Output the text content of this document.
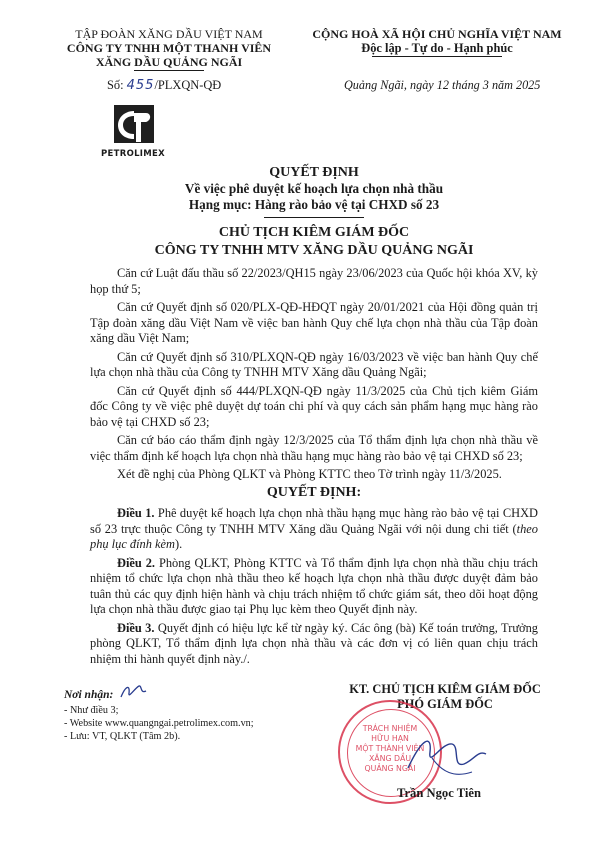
TẬP ĐOÀN XĂNG DẦU VIỆT NAM
CÔNG TY TNHH MỘT THANH VIÊN
XĂNG DẦU QUẢNG NGÃI
Số: 455/PLXQN-QĐ
CỘNG HOÀ XÃ HỘI CHỦ NGHĨA VIỆT NAM
Độc lập - Tự do - Hạnh phúc
Quảng Ngãi, ngày 12 tháng 3 năm 2025
PETROLIMEX
QUYẾT ĐỊNH
Về việc phê duyệt kế hoạch lựa chọn nhà thầu
Hạng mục: Hàng rào bảo vệ tại CHXD số 23
CHỦ TỊCH KIÊM GIÁM ĐỐC
CÔNG TY TNHH MTV XĂNG DẦU QUẢNG NGÃI

Căn cứ Luật đấu thầu số 22/2023/QH15 ngày 23/06/2023 của Quốc hội khóa XV, kỳ họp thứ 5;

Căn cứ Quyết định số 020/PLX-QĐ-HĐQT ngày 20/01/2021 của Hội đồng quản trị Tập đoàn xăng dầu Việt Nam về việc ban hành Quy chế lựa chọn nhà thầu của Tập đoàn xăng dầu Việt Nam;

Căn cứ Quyết định số 310/PLXQN-QĐ ngày 16/03/2023 về việc ban hành Quy chế lựa chọn nhà thầu của Công ty TNHH MTV Xăng dầu Quảng Ngãi;

Căn cứ Quyết định số 444/PLXQN-QĐ ngày 11/3/2025 của Chủ tịch kiêm Giám đốc Công ty về việc phê duyệt dự toán chi phí và quy cách sản phẩm hạng mục hàng rào bảo vệ tại CHXD số 23;

Căn cứ báo cáo thẩm định ngày 12/3/2025 của Tổ thẩm định lựa chọn nhà thầu về việc thẩm định kế hoạch lựa chọn nhà thầu hạng mục hàng rào bảo vệ tại CHXD số 23;

Xét đề nghị của Phòng QLKT và Phòng KTTC theo Tờ trình ngày 11/3/2025.

QUYẾT ĐỊNH:

Điều 1. Phê duyệt kế hoạch lựa chọn nhà thầu hạng mục hàng rào bảo vệ tại CHXD số 23 trực thuộc Công ty TNHH MTV Xăng dầu Quảng Ngãi với nội dung chi tiết (theo phụ lục đính kèm).

Điều 2. Phòng QLKT, Phòng KTTC và Tổ thẩm định lựa chọn nhà thầu chịu trách nhiệm tổ chức lựa chọn nhà thầu theo kế hoạch lựa chọn nhà thầu được duyệt đảm bảo tuân thủ các quy định hiện hành và chịu trách nhiệm tổ chức giám sát, theo dõi hoạt động lựa chọn nhà thầu được giao tại Phụ lục kèm theo Quyết định này.

Điều 3. Quyết định có hiệu lực kể từ ngày ký. Các ông (bà) Kế toán trưởng, Trưởng phòng QLKT, Tổ thẩm định lựa chọn nhà thầu và các đơn vị có liên quan chịu trách nhiệm thi hành quyết định này./.

Nơi nhận:
- Như điều 3;
- Website www.quangngai.petrolimex.com.vn;
- Lưu: VT, QLKT (Tâm 2b).
KT. CHỦ TỊCH KIÊM GIÁM ĐỐC
PHÓ GIÁM ĐỐC
TRÁCH NHIỆM
HỮU HẠN
MỘT THÀNH VIÊN
XĂNG DẦU
QUẢNG NGÃI
Trần Ngọc Tiên
